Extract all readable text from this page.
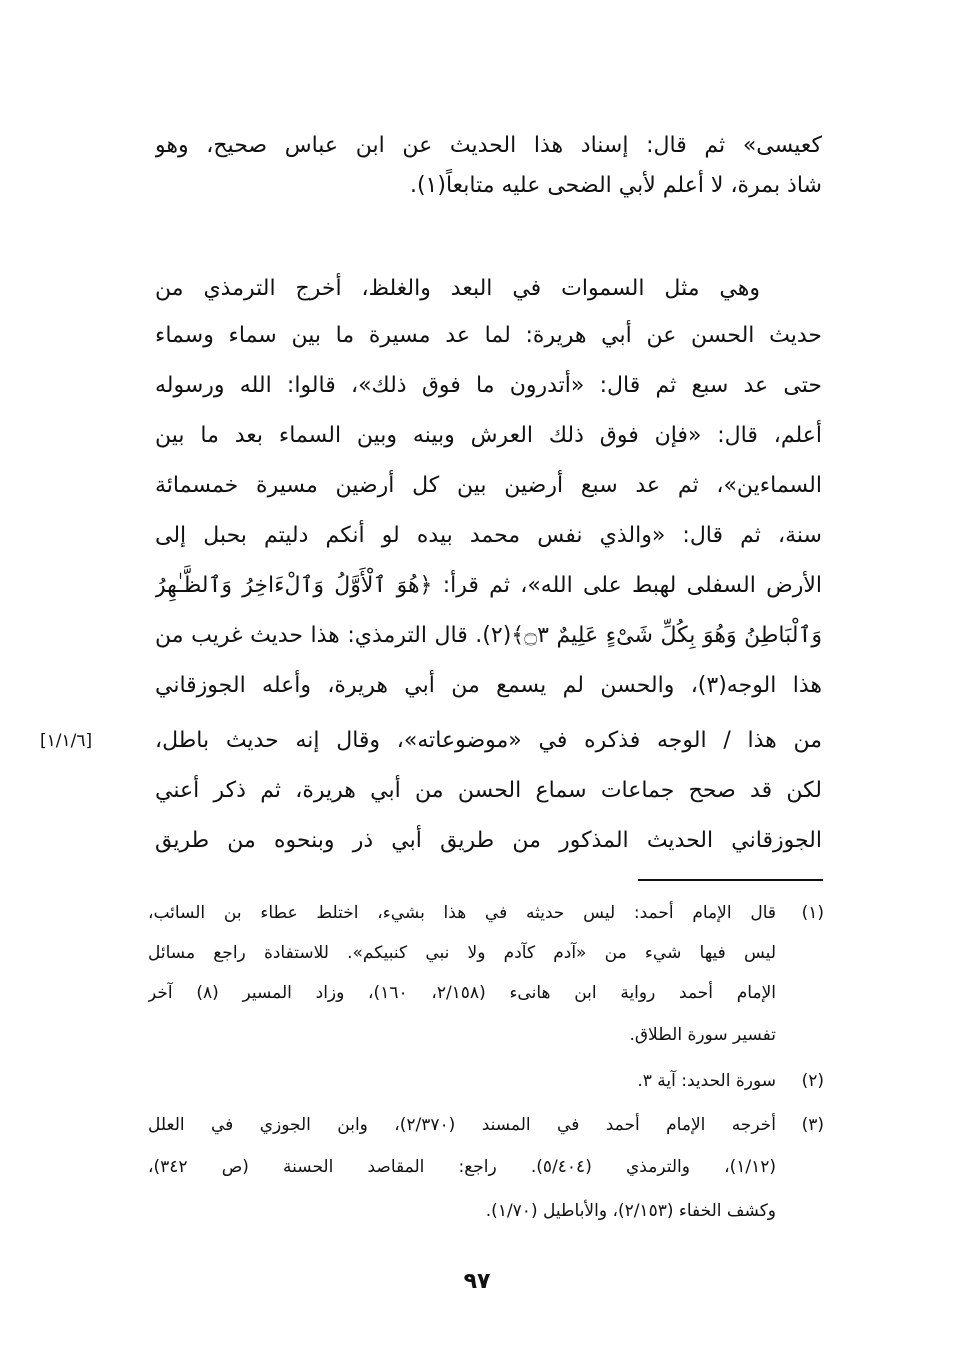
كعيسى» ثم قال: إسناد هذا الحديث عن ابن عباس صحيح، وهو
شاذ بمرة، لا أعلم لأبي الضحى عليه متابعاً(١).
وهي مثل السموات في البعد والغلظ، أخرج الترمذي من
حديث الحسن عن أبي هريرة: لما عد مسيرة ما بين سماء وسماء
حتى عد سبع ثم قال: «أتدرون ما فوق ذلك»، قالوا: الله ورسوله
أعلم، قال: «فإن فوق ذلك العرش وبينه وبين السماء بعد ما بين
السماءين»، ثم عد سبع أرضين بين كل أرضين مسيرة خمسمائة
سنة، ثم قال: «والذي نفس محمد بيده لو أنكم دليتم بحبل إلى
الأرض السفلى لهبط على الله»، ثم قرأ: ﴿هُوَ ٱلْأَوَّلُ وَٱلْءَاخِرُ وَٱلظَّـٰهِرُ
وَٱلْبَاطِنُ وَهُوَ بِكُلِّ شَىْءٍ عَلِيمٌ ۝٣﴾(٢). قال الترمذي: هذا حديث غريب من
هذا الوجه(٣)، والحسن لم يسمع من أبي هريرة، وأعله الجوزقاني
من هذا / الوجه فذكره في «موضوعاته»، وقال إنه حديث باطل،
لكن قد صحح جماعات سماع الحسن من أبي هريرة، ثم ذكر أعني
الجوزقاني الحديث المذكور من طريق أبي ذر وبنحوه من طريق
[١/١/٦]
(١)
قال الإمام أحمد: ليس حديثه في هذا بشيء، اختلط عطاء بن السائب،
ليس فيها شيء من «آدم كآدم ولا نبي كنبيكم». للاستفادة راجع مسائل
الإمام أحمد رواية ابن هانىء (٢/١٥٨، ١٦٠)، وزاد المسير (٨) آخر
تفسير سورة الطلاق.
(٢)
سورة الحديد: آية ٣.
(٣)
أخرجه الإمام أحمد في المسند (٢/٣٧٠)، وابن الجوزي في العلل
(١/١٢)، والترمذي (٥/٤٠٤). راجع: المقاصد الحسنة (ص ٣٤٢)،
وكشف الخفاء (٢/١٥٣)، والأباطيل (١/٧٠).
٩٧
